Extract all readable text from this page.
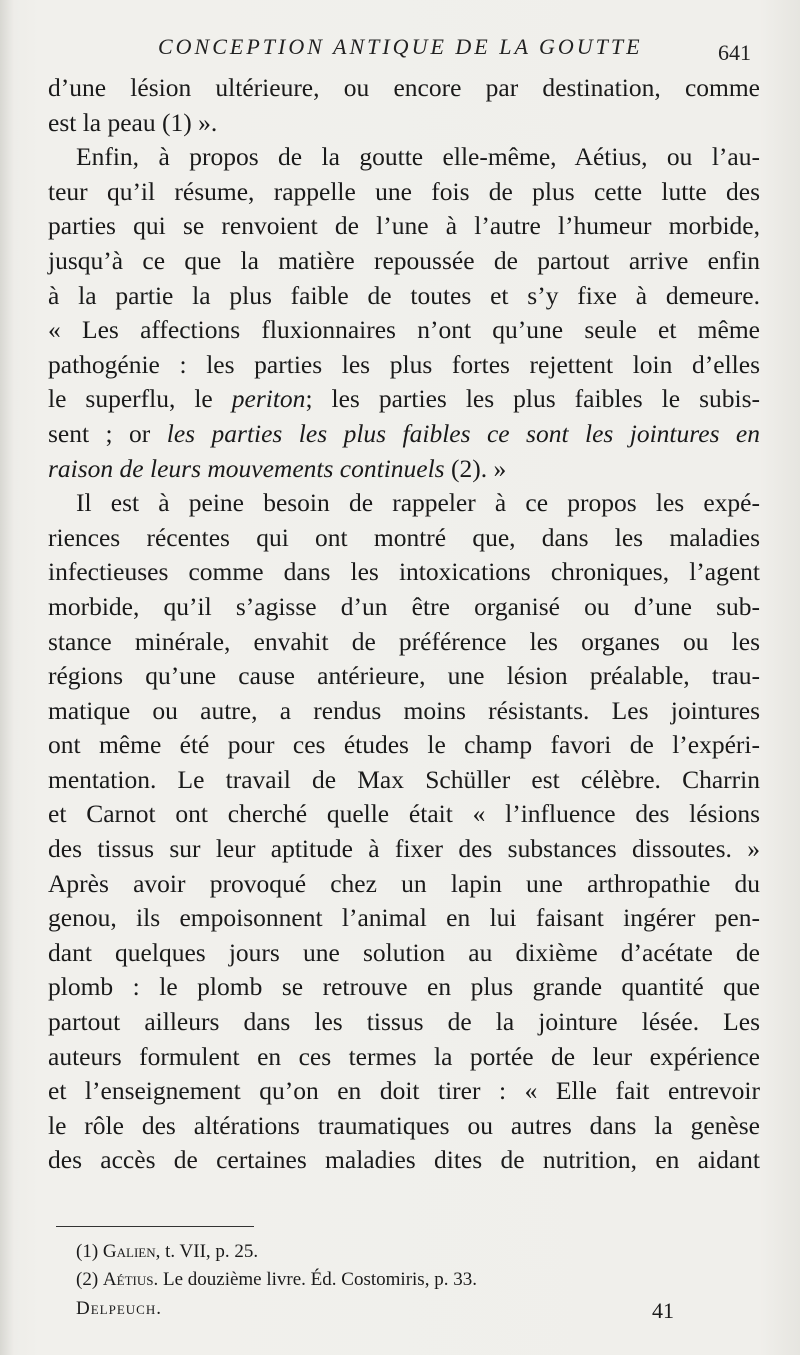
CONCEPTION ANTIQUE DE LA GOUTTE	641
d’une lésion ultérieure, ou encore par destination, comme
est la peau (1) ».
Enfin, à propos de la goutte elle-même, Aétius, ou l’au-
teur qu’il résume, rappelle une fois de plus cette lutte des
parties qui se renvoient de l’une à l’autre l’humeur morbide,
jusqu’à ce que la matière repoussée de partout arrive enfin
à la partie la plus faible de toutes et s’y fixe à demeure.
« Les affections fluxionnaires n’ont qu’une seule et même
pathogénie : les parties les plus fortes rejettent loin d’elles
le superflu, le periton; les parties les plus faibles le subis-
sent ; or les parties les plus faibles ce sont les jointures en
raison de leurs mouvements continuels (2). »
Il est à peine besoin de rappeler à ce propos les expé-
riences récentes qui ont montré que, dans les maladies
infectieuses comme dans les intoxications chroniques, l’agent
morbide, qu’il s’agisse d’un être organisé ou d’une sub-
stance minérale, envahit de préférence les organes ou les
régions qu’une cause antérieure, une lésion préalable, trau-
matique ou autre, a rendus moins résistants. Les jointures
ont même été pour ces études le champ favori de l’expéri-
mentation. Le travail de Max Schüller est célèbre. Charrin
et Carnot ont cherché quelle était « l’influence des lésions
des tissus sur leur aptitude à fixer des substances dissoutes. »
Après avoir provoqué chez un lapin une arthropathie du
genou, ils empoisonnent l’animal en lui faisant ingérer pen-
dant quelques jours une solution au dixième d’acétate de
plomb : le plomb se retrouve en plus grande quantité que
partout ailleurs dans les tissus de la jointure lésée. Les
auteurs formulent en ces termes la portée de leur expérience
et l’enseignement qu’on en doit tirer : « Elle fait entrevoir
le rôle des altérations traumatiques ou autres dans la genèse
des accès de certaines maladies dites de nutrition, en aidant
(1) Galien, t. VII, p. 25.
(2) Aétius. Le douzième livre. Éd. Costomiris, p. 33.
Delpeuch.	41
